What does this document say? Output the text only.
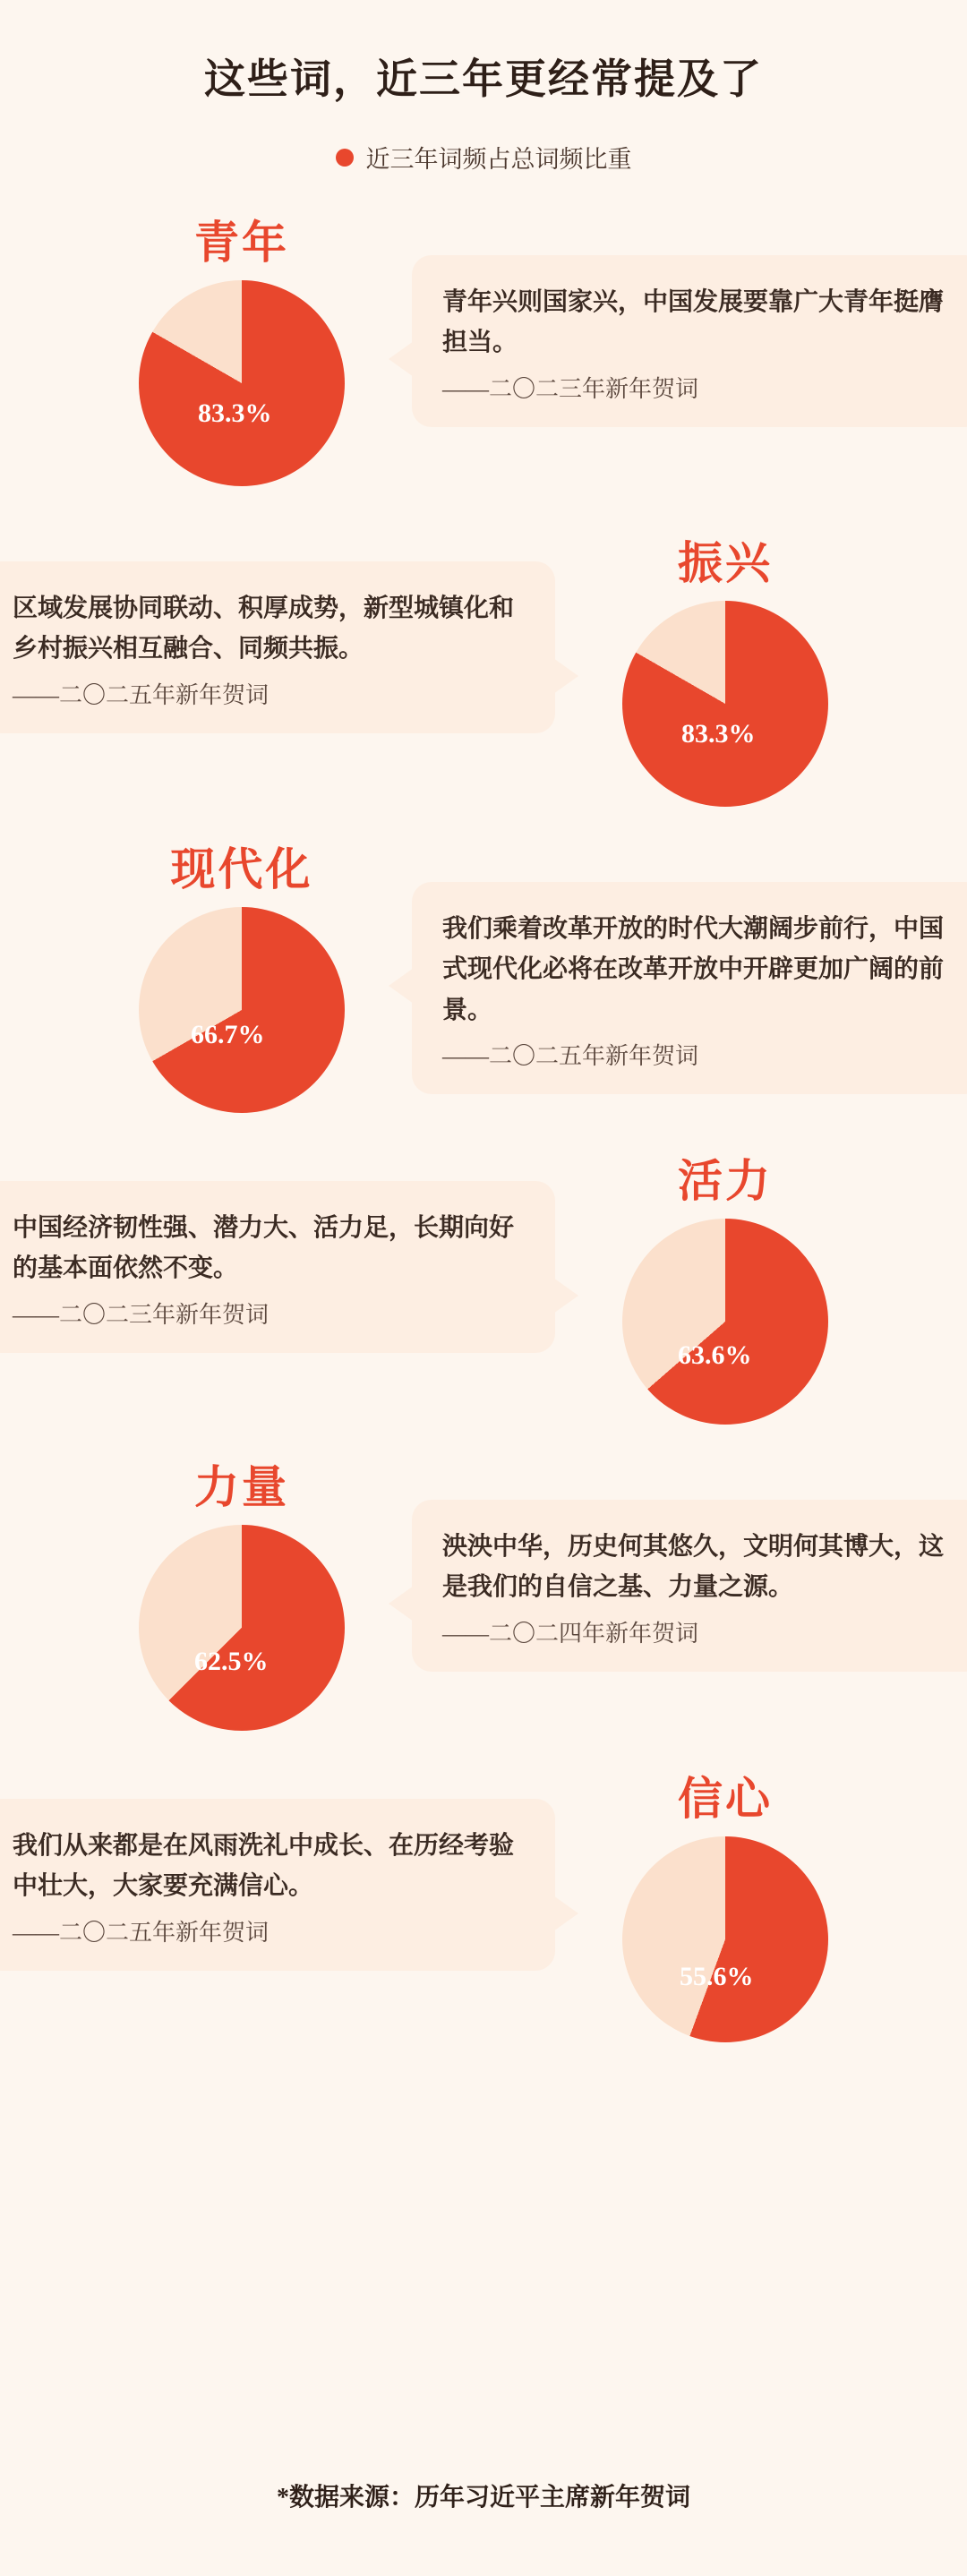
这些词，近三年更经常提及了
近三年词频占总词频比重
青年
83.3%
青年兴则国家兴，中国发展要靠广大青年挺膺担当。
——二〇二三年新年贺词
振兴
83.3%
区域发展协同联动、积厚成势，新型城镇化和乡村振兴相互融合、同频共振。
——二〇二五年新年贺词
现代化
66.7%
我们乘着改革开放的时代大潮阔步前行，中国式现代化必将在改革开放中开辟更加广阔的前景。
——二〇二五年新年贺词
活力
63.6%
中国经济韧性强、潜力大、活力足，长期向好的基本面依然不变。
——二〇二三年新年贺词
力量
62.5%
泱泱中华，历史何其悠久，文明何其博大，这是我们的自信之基、力量之源。
——二〇二四年新年贺词
信心
55.6%
我们从来都是在风雨洗礼中成长、在历经考验中壮大，大家要充满信心。
——二〇二五年新年贺词
*数据来源：历年习近平主席新年贺词
